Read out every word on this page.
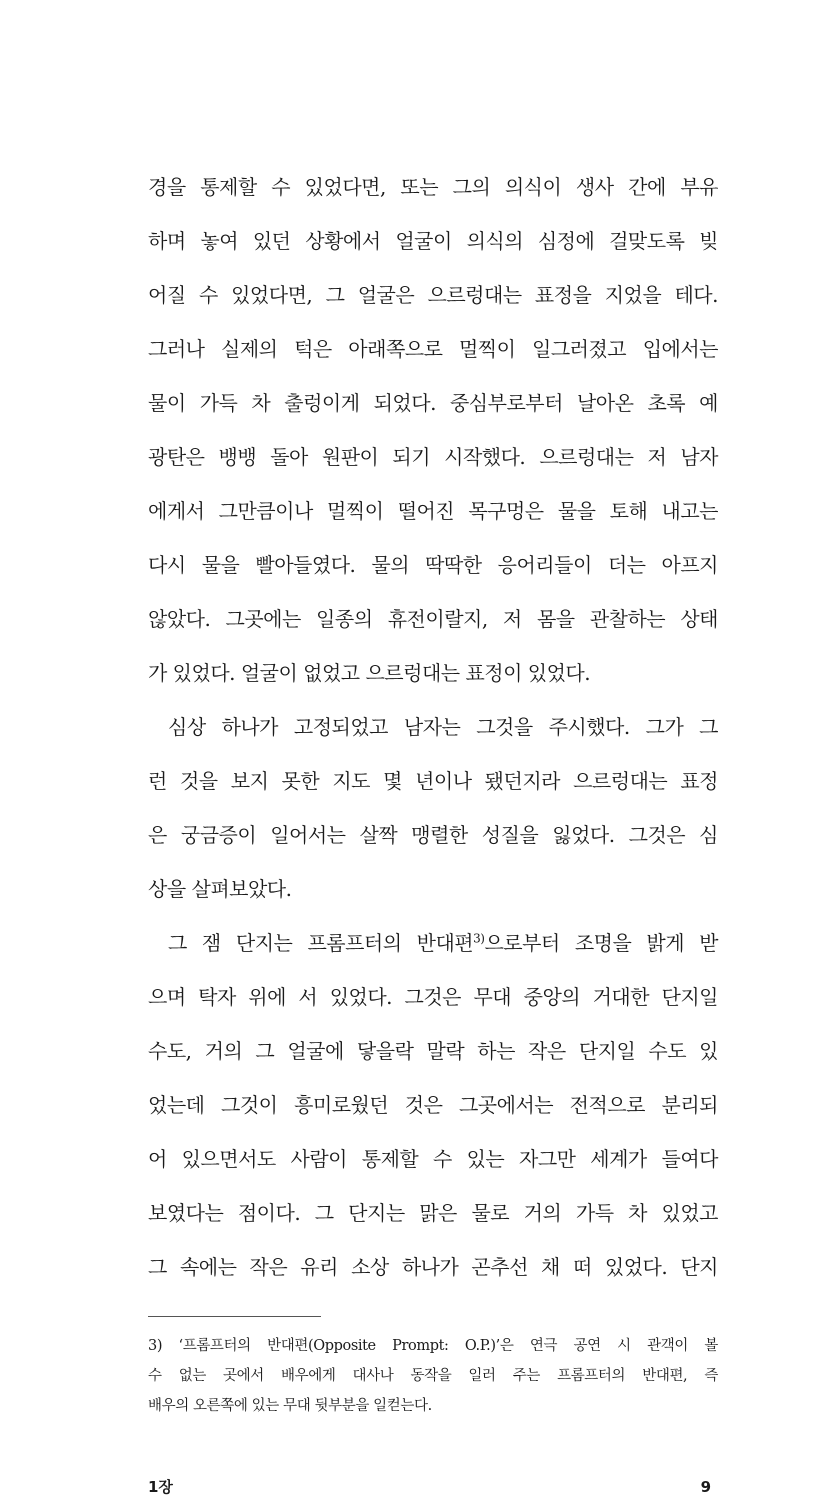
경을 통제할 수 있었다면, 또는 그의 의식이 생사 간에 부유
하며 놓여 있던 상황에서 얼굴이 의식의 심정에 걸맞도록 빚
어질 수 있었다면, 그 얼굴은 으르렁대는 표정을 지었을 테다.
그러나 실제의 턱은 아래쪽으로 멀찍이 일그러졌고 입에서는
물이 가득 차 출렁이게 되었다. 중심부로부터 날아온 초록 예
광탄은 뱅뱅 돌아 원판이 되기 시작했다. 으르렁대는 저 남자
에게서 그만큼이나 멀찍이 떨어진 목구멍은 물을 토해 내고는
다시 물을 빨아들였다. 물의 딱딱한 응어리들이 더는 아프지
않았다. 그곳에는 일종의 휴전이랄지, 저 몸을 관찰하는 상태
가 있었다. 얼굴이 없었고 으르렁대는 표정이 있었다.
심상 하나가 고정되었고 남자는 그것을 주시했다. 그가 그
런 것을 보지 못한 지도 몇 년이나 됐던지라 으르렁대는 표정
은 궁금증이 일어서는 살짝 맹렬한 성질을 잃었다. 그것은 심
상을 살펴보았다.
그 잼 단지는 프롬프터의 반대편$^{3)}$으로부터 조명을 밝게 받
으며 탁자 위에 서 있었다. 그것은 무대 중앙의 거대한 단지일
수도, 거의 그 얼굴에 닿을락 말락 하는 작은 단지일 수도 있
었는데 그것이 흥미로웠던 것은 그곳에서는 전적으로 분리되
어 있으면서도 사람이 통제할 수 있는 자그만 세계가 들여다
보였다는 점이다. 그 단지는 맑은 물로 거의 가득 차 있었고
그 속에는 작은 유리 소상 하나가 곤추선 채 떠 있었다. 단지
3) ‘프롬프터의 반대편(Opposite Prompt: O.P.)’은 연극 공연 시 관객이 볼
수 없는 곳에서 배우에게 대사나 동작을 일러 주는 프롬프터의 반대편, 즉
배우의 오른쪽에 있는 무대 뒷부분을 일컫는다.
1장	9
